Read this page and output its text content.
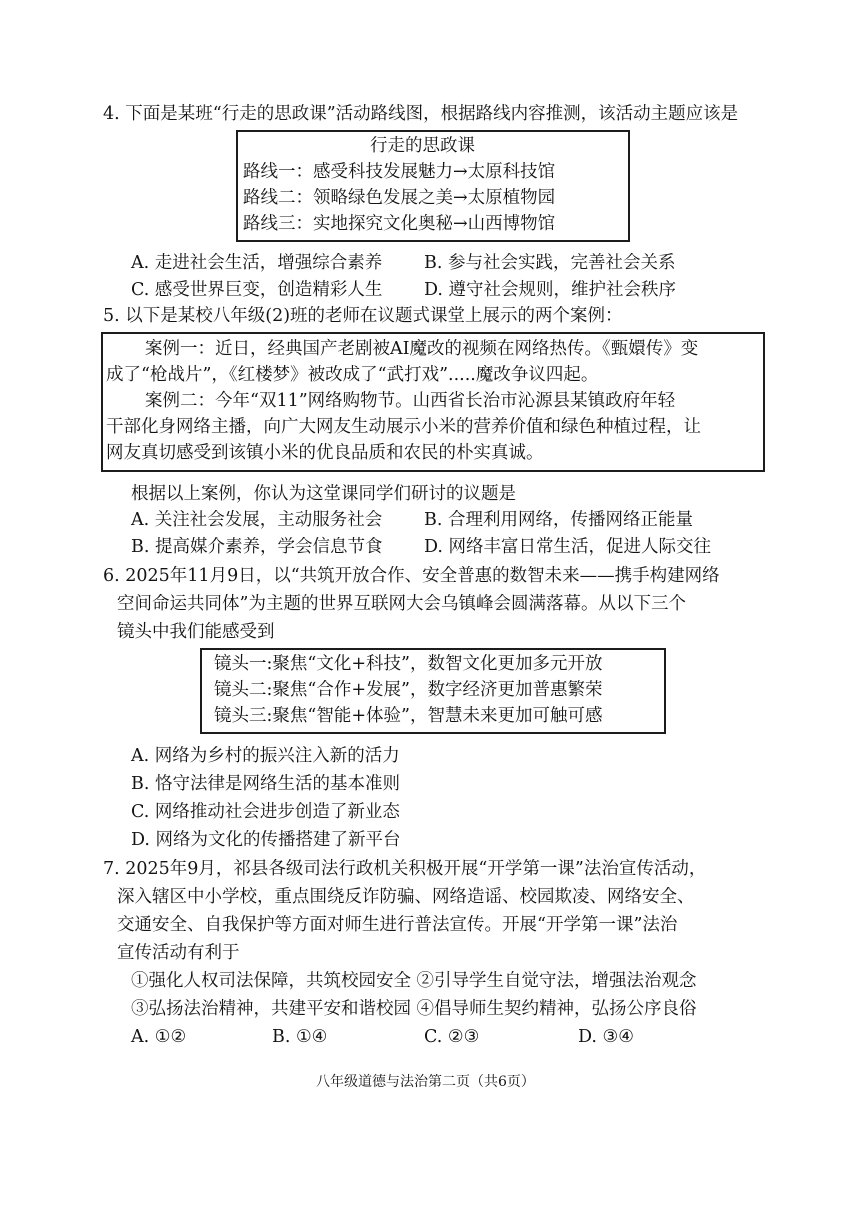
4. 下面是某班“行走的思政课”活动路线图，根据路线内容推测，该活动主题应该是
行走的思政课
路线一：感受科技发展魅力→太原科技馆
路线二：领略绿色发展之美→太原植物园
路线三：实地探究文化奥秘→山西博物馆
A. 走进社会生活，增强综合素养 B. 参与社会实践，完善社会关系
C. 感受世界巨变，创造精彩人生 D. 遵守社会规则，维护社会秩序
5. 以下是某校八年级(2)班的老师在议题式课堂上展示的两个案例：
案例一：近日，经典国产老剧被AI魔改的视频在网络热传。《甄嬛传》变
成了“枪战片”，《红楼梦》被改成了“武打戏”.....魔改争议四起。
案例二：今年“双11”网络购物节。山西省长治市沁源县某镇政府年轻
干部化身网络主播，向广大网友生动展示小米的营养价值和绿色种植过程，让
网友真切感受到该镇小米的优良品质和农民的朴实真诚。
根据以上案例，你认为这堂课同学们研讨的议题是
A. 关注社会发展，主动服务社会 B. 合理利用网络，传播网络正能量
B. 提高媒介素养，学会信息节食 D. 网络丰富日常生活，促进人际交往
6. 2025年11月9日，以“共筑开放合作、安全普惠的数智未来——携手构建网络
空间命运共同体”为主题的世界互联网大会乌镇峰会圆满落幕。从以下三个
镜头中我们能感受到
镜头一:聚焦“文化+科技”，数智文化更加多元开放
镜头二:聚焦“合作+发展”，数字经济更加普惠繁荣
镜头三:聚焦“智能+体验”，智慧未来更加可触可感
A. 网络为乡村的振兴注入新的活力
B. 恪守法律是网络生活的基本准则
C. 网络推动社会进步创造了新业态
D. 网络为文化的传播搭建了新平台
7. 2025年9月，祁县各级司法行政机关积极开展“开学第一课”法治宣传活动，
深入辖区中小学校，重点围绕反诈防骗、网络造谣、校园欺凌、网络安全、
交通安全、自我保护等方面对师生进行普法宣传。开展“开学第一课”法治
宣传活动有利于
①强化人权司法保障，共筑校园安全 ②引导学生自觉守法，增强法治观念
③弘扬法治精神，共建平安和谐校园 ④倡导师生契约精神，弘扬公序良俗
A. ①②	B. ①④	C. ②③	D. ③④
八年级道德与法治第二页（共6页）
